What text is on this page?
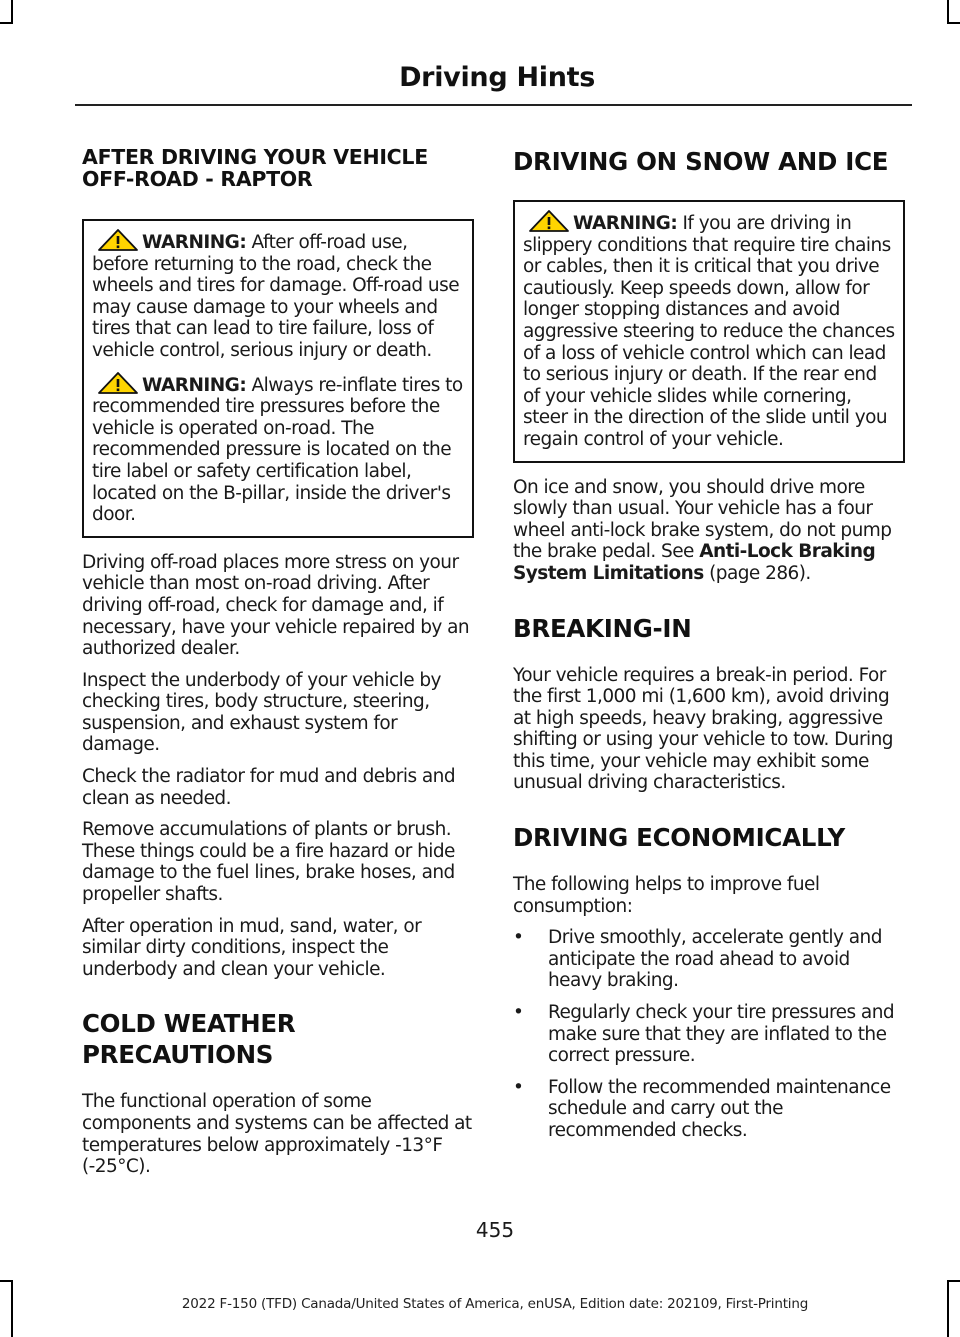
Driving Hints
AFTER DRIVING YOUR VEHICLE OFF-ROAD - RAPTOR

WARNING: After off-road use, before returning to the road, check the wheels and tires for damage. Off-road use may cause damage to your wheels and tires that can lead to tire failure, loss of vehicle control, serious injury or death.

WARNING: Always re-inflate tires to recommended tire pressures before the vehicle is operated on-road. The recommended pressure is located on the tire label or safety certification label, located on the B-pillar, inside the driver's door.

Driving off-road places more stress on your vehicle than most on-road driving. After driving off-road, check for damage and, if necessary, have your vehicle repaired by an authorized dealer.

Inspect the underbody of your vehicle by checking tires, body structure, steering, suspension, and exhaust system for damage.

Check the radiator for mud and debris and clean as needed.

Remove accumulations of plants or brush. These things could be a fire hazard or hide damage to the fuel lines, brake hoses, and propeller shafts.

After operation in mud, sand, water, or similar dirty conditions, inspect the underbody and clean your vehicle.

COLD WEATHER
PRECAUTIONS

The functional operation of some components and systems can be affected at temperatures below approximately -13°F (-25°C).

DRIVING ON SNOW AND ICE

WARNING: If you are driving in slippery conditions that require tire chains or cables, then it is critical that you drive cautiously. Keep speeds down, allow for longer stopping distances and avoid aggressive steering to reduce the chances of a loss of vehicle control which can lead to serious injury or death. If the rear end of your vehicle slides while cornering, steer in the direction of the slide until you regain control of your vehicle.

On ice and snow, you should drive more slowly than usual. Your vehicle has a four wheel anti-lock brake system, do not pump the brake pedal. See Anti-Lock Braking System Limitations (page 286).

BREAKING-IN

Your vehicle requires a break-in period. For the first 1,000 mi (1,600 km), avoid driving at high speeds, heavy braking, aggressive shifting or using your vehicle to tow. During this time, your vehicle may exhibit some unusual driving characteristics.

DRIVING ECONOMICALLY

The following helps to improve fuel consumption:

• Drive smoothly, accelerate gently and anticipate the road ahead to avoid heavy braking.
• Regularly check your tire pressures and make sure that they are inflated to the correct pressure.
• Follow the recommended maintenance schedule and carry out the recommended checks.
455
2022 F-150 (TFD) Canada/United States of America, enUSA, Edition date: 202109, First-Printing
